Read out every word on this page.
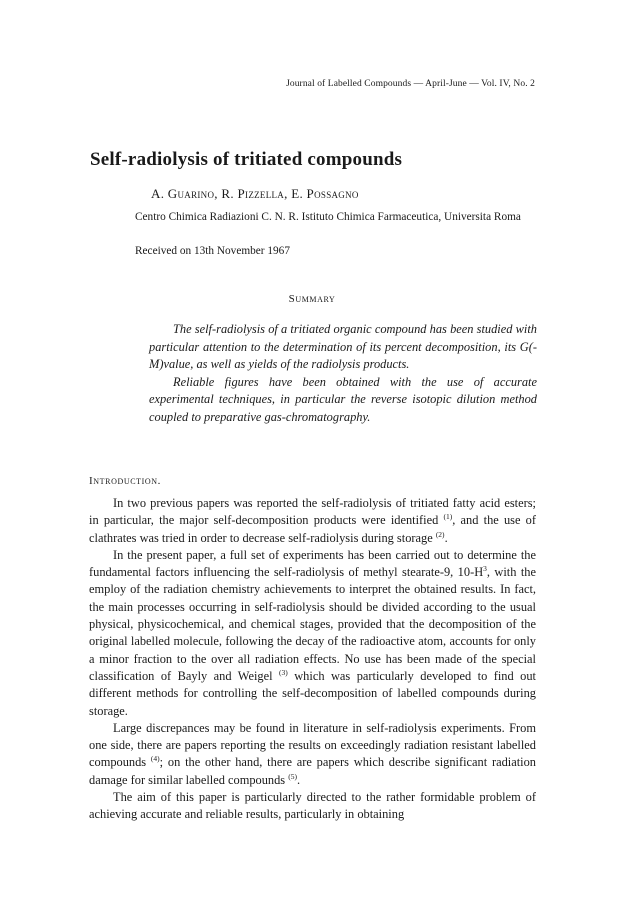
Journal of Labelled Compounds — April-June — Vol. IV, No. 2
Self-radiolysis of tritiated compounds
A. Guarino, R. Pizzella, E. Possagno
Centro Chimica Radiazioni C. N. R. Istituto Chimica Farmaceutica, Universita Roma
Received on 13th November 1967
Summary

The self-radiolysis of a tritiated organic compound has been studied with particular attention to the determination of its percent decomposition, its G(-M)value, as well as yields of the radiolysis products.

Reliable figures have been obtained with the use of accurate experimental techniques, in particular the reverse isotopic dilution method coupled to preparative gas-chromatography.

Introduction.

In two previous papers was reported the self-radiolysis of tritiated fatty acid esters; in particular, the major self-decomposition products were identified $^{(1)}$, and the use of clathrates was tried in order to decrease self-radiolysis during storage $^{(2)}$.

In the present paper, a full set of experiments has been carried out to determine the fundamental factors influencing the self-radiolysis of methyl stearate-9, $10-H^3$, with the employ of the radiation chemistry achievements to interpret the obtained results. In fact, the main processes occurring in self-radiolysis should be divided according to the usual physical, physicochemical, and chemical stages, provided that the decomposition of the original labelled molecule, following the decay of the radioactive atom, accounts for only a minor fraction to the over all radiation effects. No use has been made of the special classification of Bayly and Weigel $^{(3)}$ which was particularly developed to find out different methods for controlling the self-decomposition of labelled compounds during storage.

Large discrepances may be found in literature in self-radiolysis experiments. From one side, there are papers reporting the results on exceedingly radiation resistant labelled compounds $^{(4)}$; on the other hand, there are papers which describe significant radiation damage for similar labelled compounds $^{(5)}$.

The aim of this paper is particularly directed to the rather formidable problem of achieving accurate and reliable results, particularly in obtaining
